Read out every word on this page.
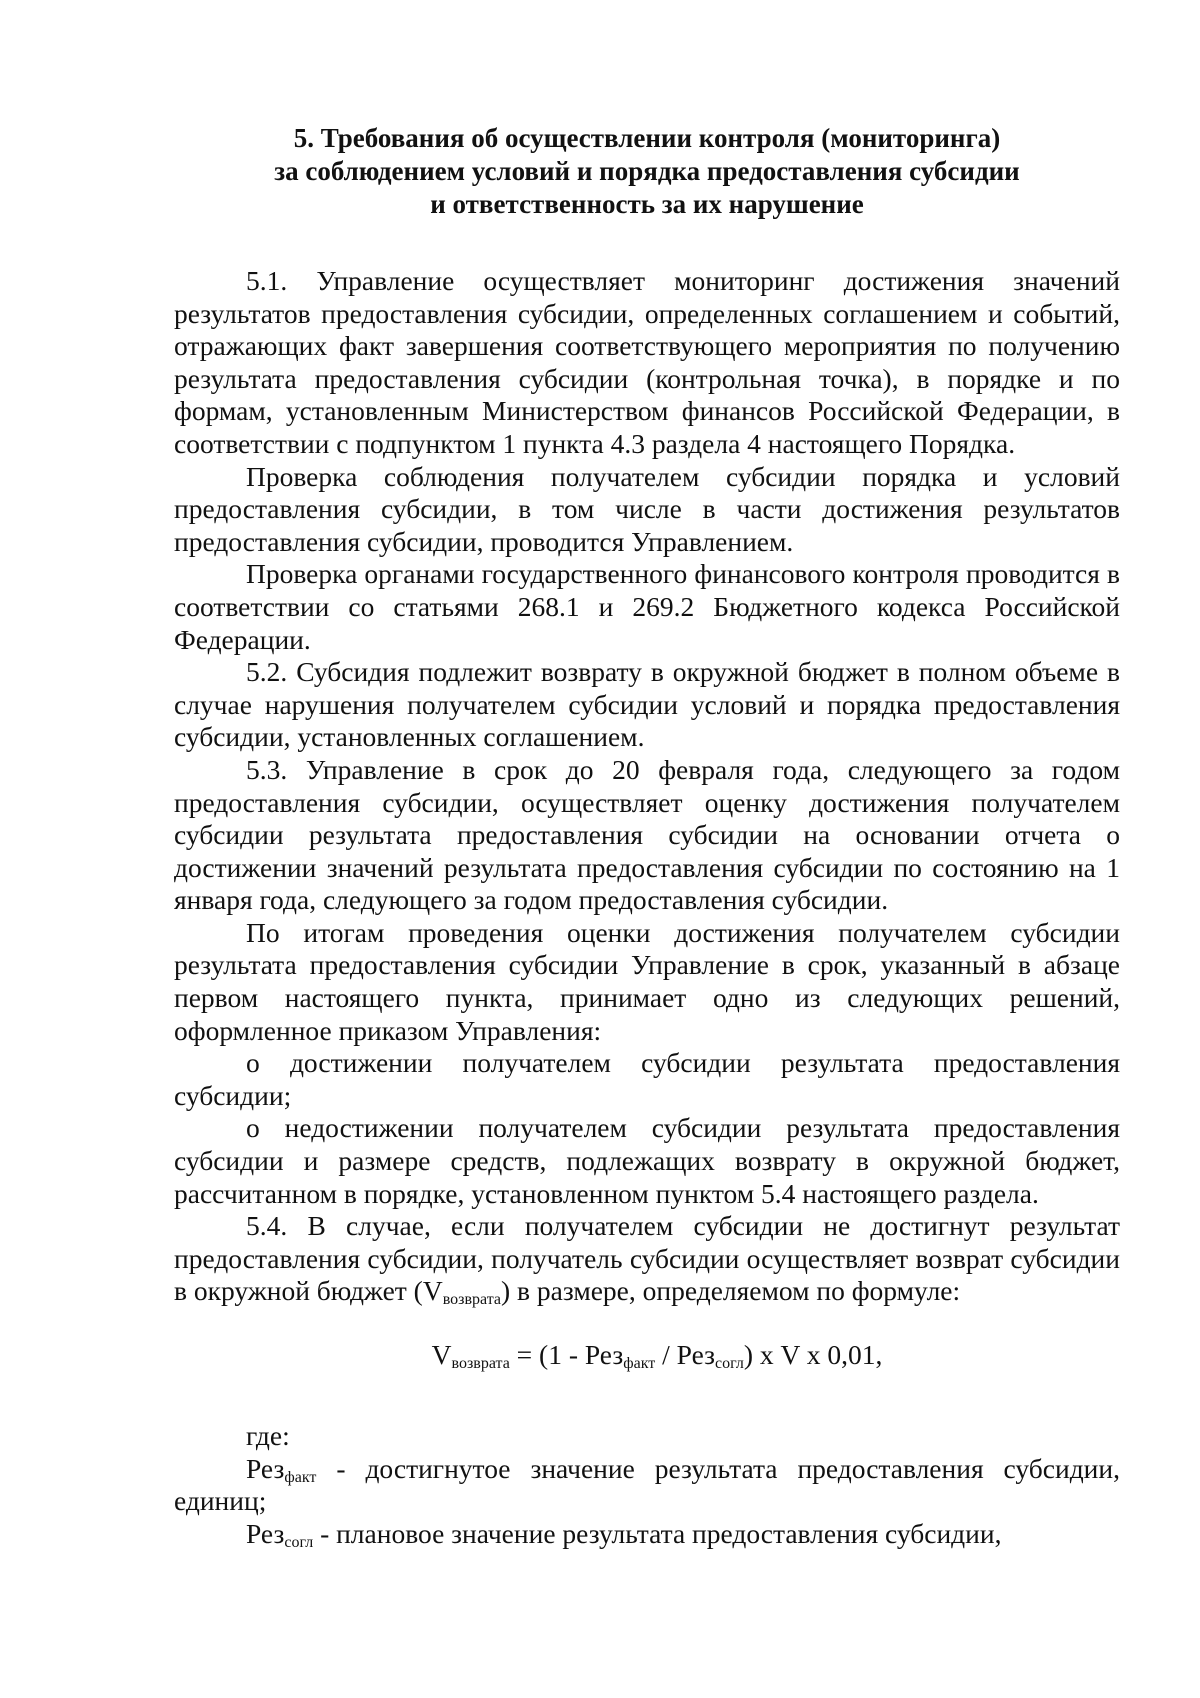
5. Требования об осуществлении контроля (мониторинга)
за соблюдением условий и порядка предоставления субсидии
и ответственность за их нарушение

5.1. Управление осуществляет мониторинг достижения значений результатов предоставления субсидии, определенных соглашением и событий, отражающих факт завершения соответствующего мероприятия по получению результата предоставления субсидии (контрольная точка), в порядке и по формам, установленным Министерством финансов Российской Федерации, в соответствии с подпунктом 1 пункта 4.3 раздела 4 настоящего Порядка.

Проверка соблюдения получателем субсидии порядка и условий предоставления субсидии, в том числе в части достижения результатов предоставления субсидии, проводится Управлением.

Проверка органами государственного финансового контроля проводится в соответствии со статьями 268.1 и 269.2 Бюджетного кодекса Российской Федерации.

5.2. Субсидия подлежит возврату в окружной бюджет в полном объеме в случае нарушения получателем субсидии условий и порядка предоставления субсидии, установленных соглашением.

5.3. Управление в срок до 20 февраля года, следующего за годом предоставления субсидии, осуществляет оценку достижения получателем субсидии результата предоставления субсидии на основании отчета о достижении значений результата предоставления субсидии по состоянию на 1 января года, следующего за годом предоставления субсидии.

По итогам проведения оценки достижения получателем субсидии результата предоставления субсидии Управление в срок, указанный в абзаце первом настоящего пункта, принимает одно из следующих решений, оформленное приказом Управления:

о достижении получателем субсидии результата предоставления субсидии;

о недостижении получателем субсидии результата предоставления субсидии и размере средств, подлежащих возврату в окружной бюджет, рассчитанном в порядке, установленном пунктом 5.4 настоящего раздела.

5.4. В случае, если получателем субсидии не достигнут результат предоставления субсидии, получатель субсидии осуществляет возврат субсидии в окружной бюджет $(V_{возврата})$ в размере, определяемом по формуле:

$V_{возврата} = (1 - Рез_{факт} / Рез_{согл})$ х V х 0,01,

где:

Рез$_{факт}$ - достигнутое значение результата предоставления субсидии, единиц;

Рез$_{согл}$ - плановое значение результата предоставления субсидии,
